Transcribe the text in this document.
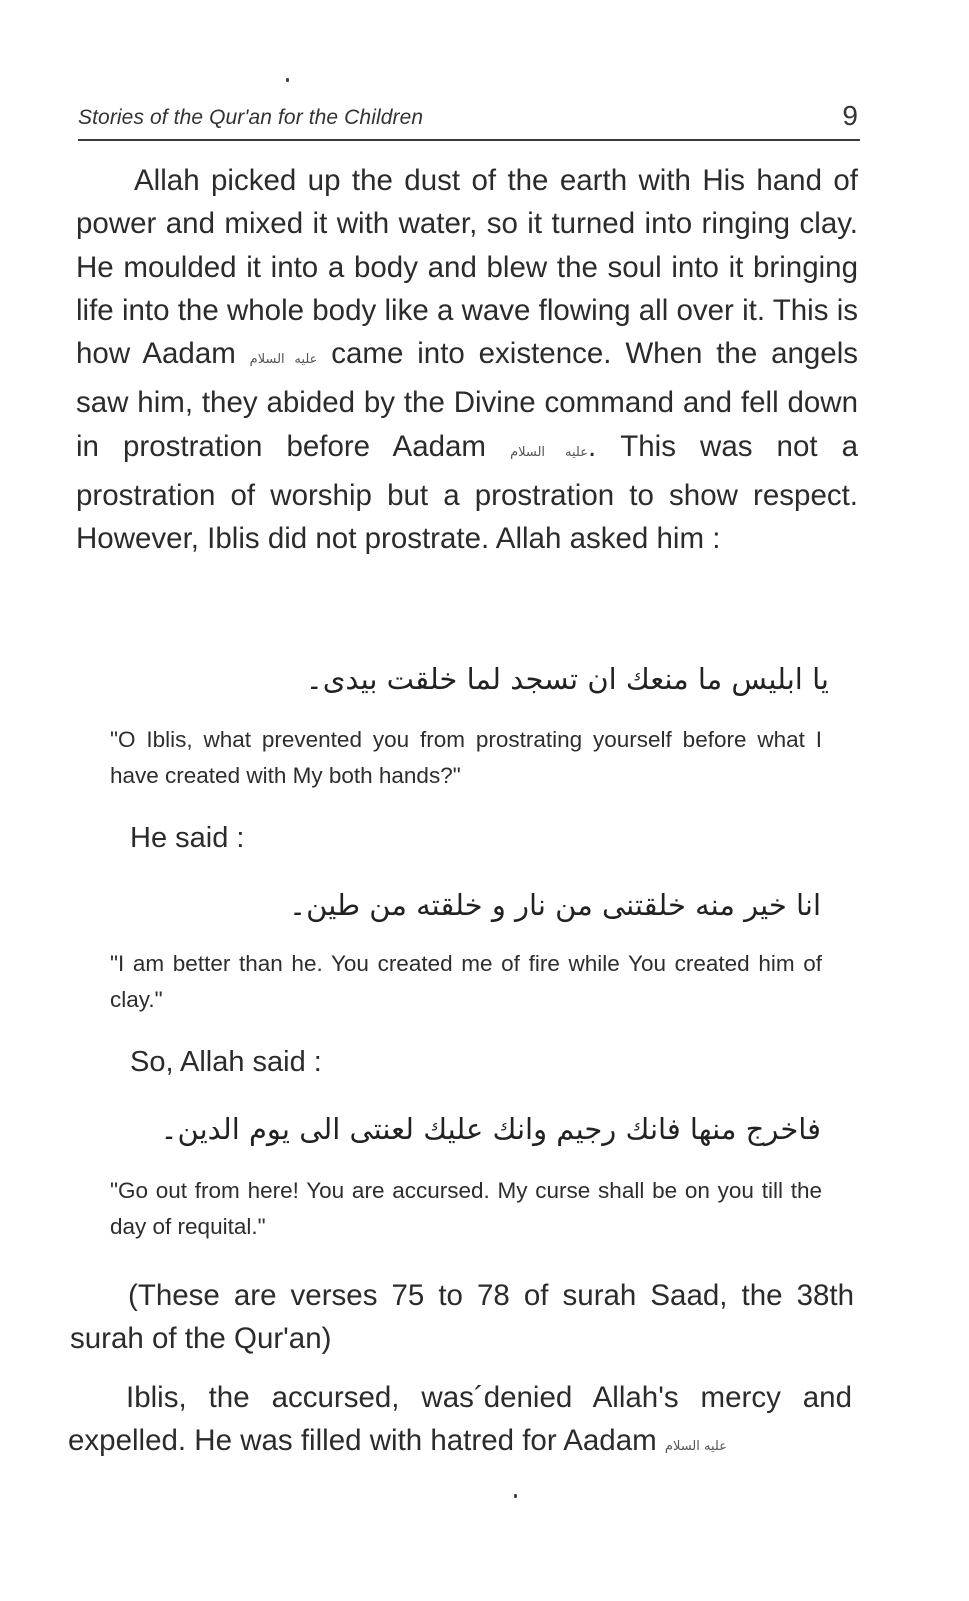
Stories of the Qur'an for the Children	9
Allah picked up the dust of the earth with His hand of power and mixed it with water, so it turned into ringing clay. He moulded it into a body and blew the soul into it bringing life into the whole body like a wave flowing all over it. This is how Aadam عليه السلام came into existence. When the angels saw him, they abided by the Divine command and fell down in prostration before Aadam عليه السلام. This was not a prostration of worship but a prostration to show respect. However, Iblis did not prostrate. Allah asked him :
يا ابليس ما منعك ان تسجد لما خلقت بيدى۔
"O Iblis, what prevented you from prostrating yourself before what I have created with My both hands?"
He said :
انا خير منه خلقتنى من نار و خلقته من طين۔
"I am better than he. You created me of fire while You created him of clay."
So, Allah said :
فاخرج منها فانك رجيم وانك عليك لعنتى الى يوم الدين۔
"Go out from here! You are accursed. My curse shall be on you till the day of requital."
(These are verses 75 to 78 of surah Saad, the 38th surah of the Qur'an)
Iblis, the accursed, was´denied Allah's mercy and expelled. He was filled with hatred for Aadam عليه السلام
